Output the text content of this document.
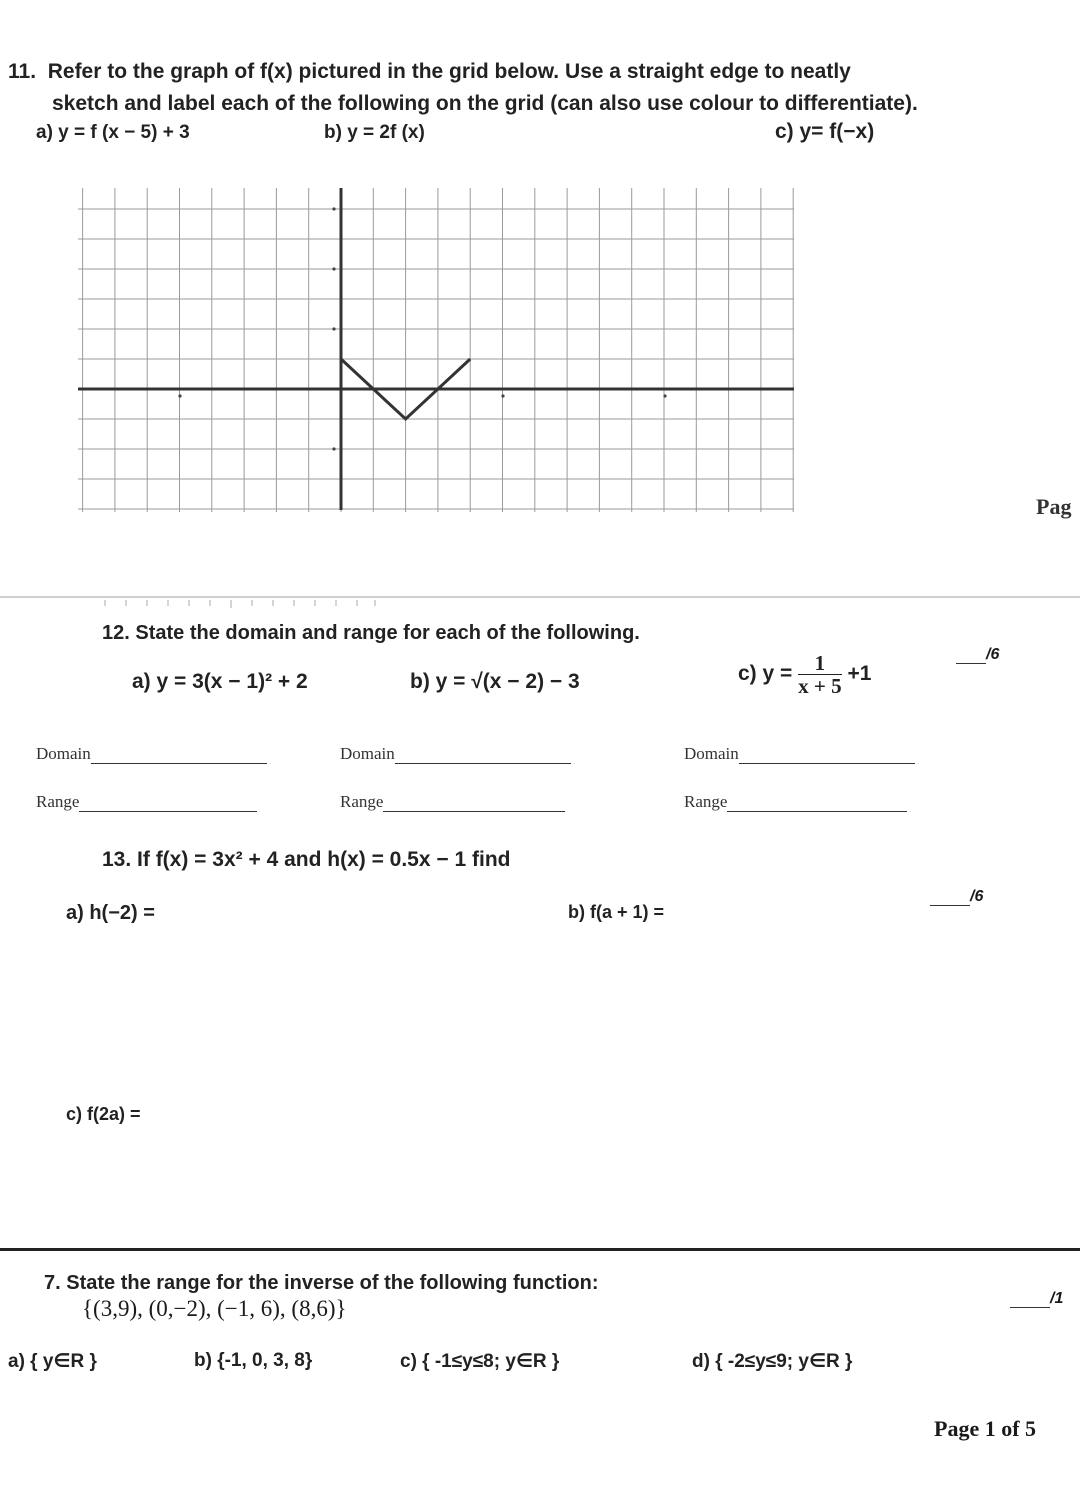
11. Refer to the graph of f(x) pictured in the grid below. Use a straight edge to neatly
sketch and label each of the following on the grid (can also use colour to differentiate).
a) y = f (x − 5) + 3	b) y = 2f (x)	c) y= f(−x)
Pag
12. State the domain and range for each of the following.
/6
a) y = 3(x − 1)² + 2	b) y = √(x − 2) − 3	c) $y = \frac{1}{x + 5} +1$
Domain	Domain	Domain
Range	Range	Range
13. If f(x) = 3x² + 4 and h(x) = 0.5x − 1 find
/6
a) h(−2) =	b) f(a + 1) =
c) f(2a) =
7. State the range for the inverse of the following function:
{(3,9), (0,−2), (−1, 6), (8,6)}	/1
a) { y∈R }	b) {-1, 0, 3, 8}	c) { -1≤y≤8; y∈R }	d) { -2≤y≤9; y∈R }
Page 1 of 5
